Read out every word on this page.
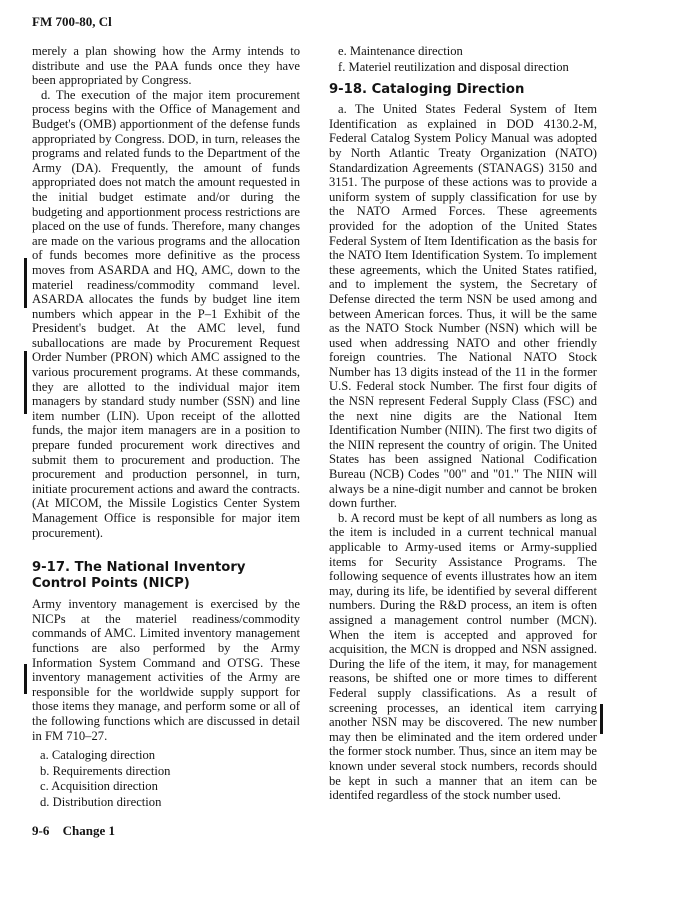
FM 700-80, Cl

merely a plan showing how the Army intends to distribute and use the PAA funds once they have been appropriated by Congress.

d. The execution of the major item procurement process begins with the Office of Management and Budget's (OMB) apportionment of the defense funds appropriated by Congress. DOD, in turn, releases the programs and related funds to the Department of the Army (DA). Frequently, the amount of funds appropriated does not match the amount requested in the initial budget estimate and/or during the budgeting and apportionment process restrictions are placed on the use of funds. Therefore, many changes are made on the various programs and the allocation of funds becomes more definitive as the process moves from ASARDA and HQ, AMC, down to the materiel readiness/commodity command level. ASARDA allocates the funds by budget line item numbers which appear in the P–1 Exhibit of the President's budget. At the AMC level, fund suballocations are made by Procurement Request Order Number (PRON) which AMC assigned to the various procurement programs. At these commands, they are allotted to the individual major item managers by standard study number (SSN) and line item number (LIN). Upon receipt of the allotted funds, the major item managers are in a position to prepare funded procurement work directives and submit them to procurement and production. The procurement and production personnel, in turn, initiate procurement actions and award the contracts. (At MICOM, the Missile Logistics Center System Management Office is responsible for major item procurement).

9-17. The National Inventory Control Points (NICP)

Army inventory management is exercised by the NICPs at the materiel readiness/commodity commands of AMC. Limited inventory management functions are also performed by the Army Information System Command and OTSG. These inventory management activities of the Army are responsible for the worldwide supply support for those items they manage, and perform some or all of the following functions which are discussed in detail in FM 710–27.

a. Cataloging direction
b. Requirements direction
c. Acquisition direction
d. Distribution direction
e. Maintenance direction
f. Materiel reutilization and disposal direction
9-18. Cataloging Direction

a. The United States Federal System of Item Identification as explained in DOD 4130.2-M, Federal Catalog System Policy Manual was adopted by North Atlantic Treaty Organization (NATO) Standardization Agreements (STANAGS) 3150 and 3151. The purpose of these actions was to provide a uniform system of supply classification for use by the NATO Armed Forces. These agreements provided for the adoption of the United States Federal System of Item Identification as the basis for the NATO Item Identification System. To implement these agreements, which the United States ratified, and to implement the system, the Secretary of Defense directed the term NSN be used among and between American forces. Thus, it will be the same as the NATO Stock Number (NSN) which will be used when addressing NATO and other friendly foreign countries. The National NATO Stock Number has 13 digits instead of the 11 in the former U.S. Federal stock Number. The first four digits of the NSN represent Federal Supply Class (FSC) and the next nine digits are the National Item Identification Number (NIIN). The first two digits of the NIIN represent the country of origin. The United States has been assigned National Codification Bureau (NCB) Codes "00" and "01." The NIIN will always be a nine-digit number and cannot be broken down further.

b. A record must be kept of all numbers as long as the item is included in a current technical manual applicable to Army-used items or Army-supplied items for Security Assistance Programs. The following sequence of events illustrates how an item may, during its life, be identified by several different numbers. During the R&D process, an item is often assigned a management control number (MCN). When the item is accepted and approved for acquisition, the MCN is dropped and NSN assigned. During the life of the item, it may, for management reasons, be shifted one or more times to different Federal supply classifications. As a result of screening processes, an identical item carrying another NSN may be discovered. The new number may then be eliminated and the item ordered under the former stock number. Thus, since an item may be known under several stock numbers, records should be kept in such a manner that an item can be identifed regardless of the stock number used.

9-6 Change 1
